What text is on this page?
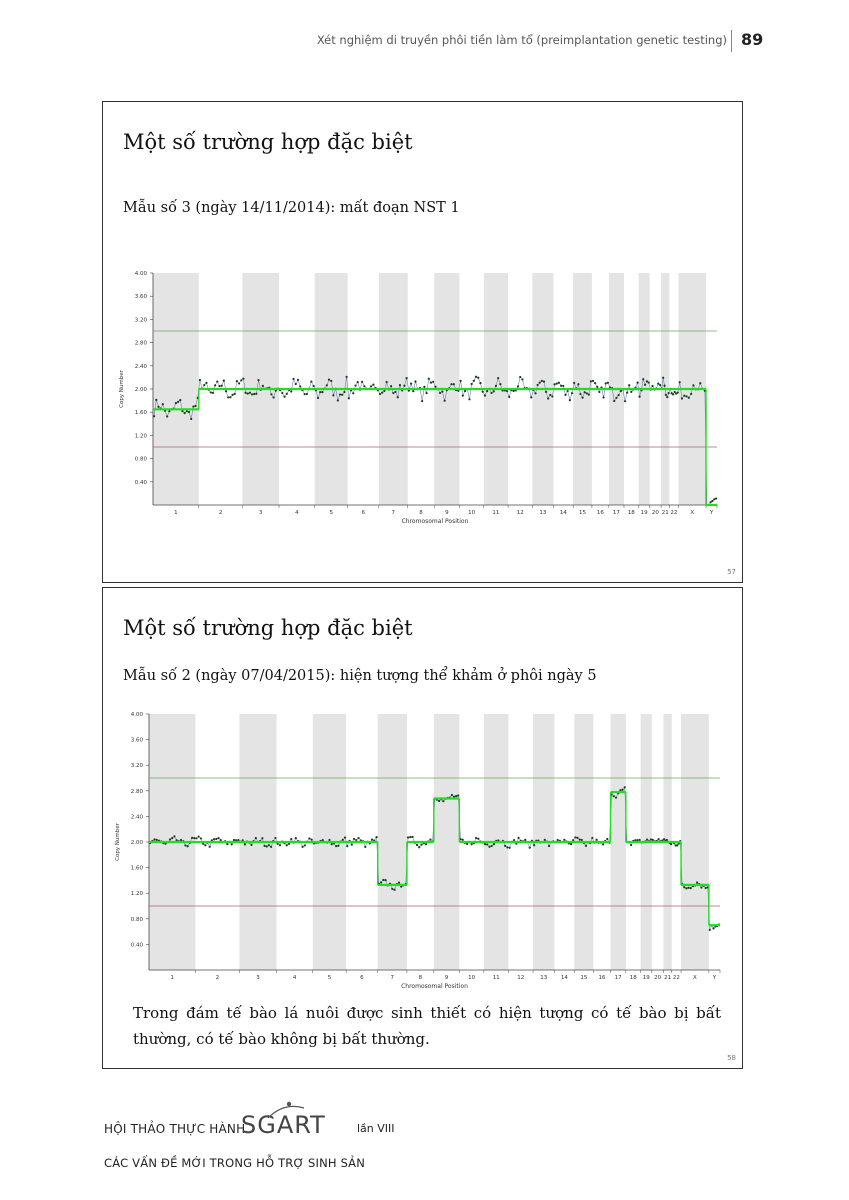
Xét nghiệm di truyền phôi tiền làm tổ (preimplantation genetic testing) 89
Một số trường hợp đặc biệt
Mẫu số 3 (ngày 14/11/2014): mất đoạn NST 1
0.40
0.80
1.20
1.60
2.00
2.40
2.80
3.20
3.60
4.00
Copy Number
1	2	3	4	5	6	7	8	9	10	11	12	13 14 15 16 17 18 19 20 21 22 X	Y
Chromosomal Position
57
Một số trường hợp đặc biệt
Mẫu số 2 (ngày 07/04/2015): hiện tượng thể khảm ở phôi ngày 5
0.40
0.80
1.20
1.60
2.00
2.40
2.80
3.20
3.60
4.00
Copy Number
1	2	3	4	5	6	7	8	9	10	11	12	13 14 15 16 17 18 19 20 21 22 X	Y
Chromosomal Position
Trong đám tế bào lá nuôi được sinh thiết có hiện tượng có tế bào bị bất thường, có tế bào không bị bất thường.
58
HỘI THẢO THỰC HÀNH
SGART	lần VIII
CÁC VẤN ĐỀ MỚI TRONG HỖ TRỢ SINH SẢN
